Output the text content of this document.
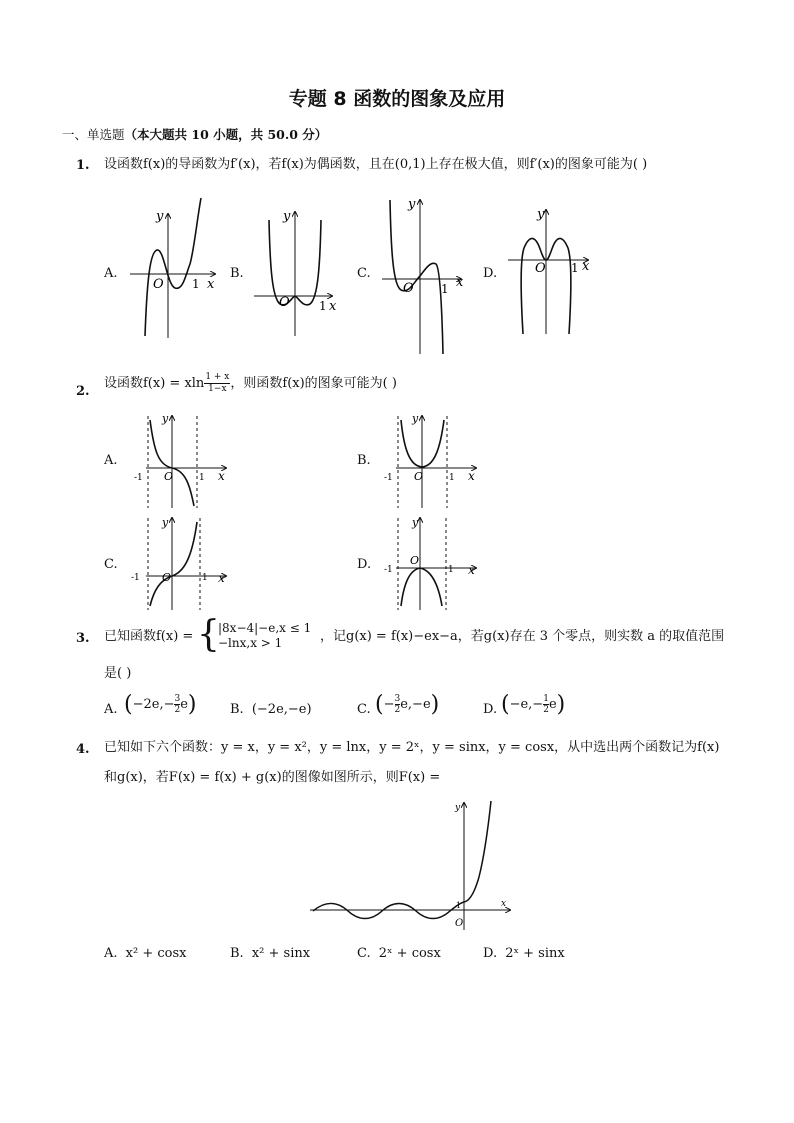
专题 8 函数的图象及应用
一、单选题（本大题共 10 小题，共 50.0 分）
1. 设函数f(x)的导函数为f′(x)，若f(x)为偶函数，且在(0,1)上存在极大值，则f′(x)的图象可能为( )
A.	B.	C.	D.
y
O 1 x
y
O 1 x
y
O 1 x
y
O 1 x
2.
设函数f(x) = xln $\frac{1 + x}{1-x}$ ，则函数f(x)的图象可能为( )
A.	B.
C.	D.
y
-1 O	1 x
y
-1 O	1 x
y
-1 O	1 x
y
-1
O
1 x
3. 已知函数f(x) = {
|8x−4|−e,x ≤ 1
−lnx,x > 1	，记g(x) = f(x)−ex−a，若g(x)存在 3 个零点，则实数 a 的取值范围
是( )
A. $(-2e,- \frac{3}{2} e)$	B. (−2e,−e)	C. (− $\frac{3}{2} e,-e$)	D. $(-e,- \frac{1}{2} e)$
4. 已知如下六个函数：y = x，y = x²，y = lnx，y = 2ˣ，y = sinx，y = cosx，从中选出两个函数记为f(x)
和g(x)，若F(x) = f(x) + g(x)的图像如图所示，则F(x) =
y
1
O
x
A. x² + cosx	B. x² + sinx	C. 2ˣ + cosx	D. 2ˣ + sinx
